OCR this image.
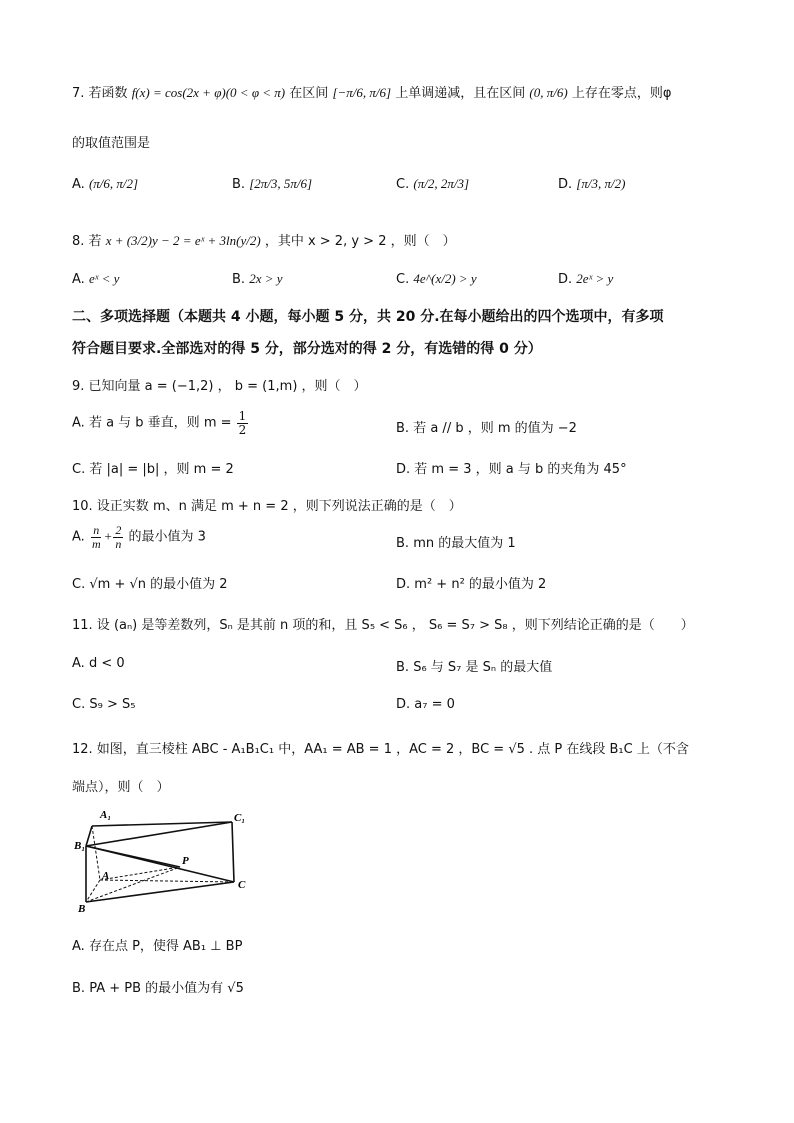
7. 若函数 f(x) = cos(2x + φ)(0 < φ < π) 在区间 [−π/6, π/6] 上单调递减，且在区间 (0, π/6) 上存在零点，则φ
的取值范围是
A. (π/6, π/2]	B. [2π/3, 5π/6]	C. (π/2, 2π/3]	D. [π/3, π/2)
8. 若 x + (3/2)y − 2 = eˣ + 3ln(y/2) ，其中 x > 2, y > 2 ，则（　）
A. eˣ < y	B. 2x > y	C. 4e^(x/2) > y	D. 2eˣ > y
二、多项选择题（本题共 4 小题，每小题 5 分，共 20 分.在每小题给出的四个选项中，有多项
符合题目要求.全部选对的得 5 分，部分选对的得 2 分，有选错的得 0 分）
9. 已知向量 a = (−1,2) ， b = (1,m) ，则（　）
A. 若 a 与 b 垂直，则 $m = \frac{1}{2}$	B. 若 a // b ，则 m 的值为 −2
C. 若 |a| = |b| ，则 m = 2	D. 若 m = 3 ，则 a 与 b 的夹角为 45°
10. 设正实数 m、n 满足 m + n = 2 ，则下列说法正确的是（　）
A. $\frac{n}{m} + \frac{2}{n}$ 的最小值为 3	B. mn 的最大值为 1
C. √m + √n 的最小值为 2	D. m² + n² 的最小值为 2
11. 设 (aₙ) 是等差数列，Sₙ 是其前 n 项的和，且 S₅ < S₆ ， S₆ = S₇ > S₈ ，则下列结论正确的是（　　）
A. d < 0	B. S₆ 与 S₇ 是 Sₙ 的最大值
C. S₉ > S₅	D. a₇ = 0
12. 如图，直三棱柱 ABC - A₁B₁C₁ 中，AA₁ = AB = 1 ，AC = 2 ，BC = √5 . 点 P 在线段 B₁C 上（不含
端点），则（　）
A₁	C₁
B₁
P
A
B
C
A. 存在点 P，使得 AB₁ ⊥ BP
B. PA + PB 的最小值为有 √5
